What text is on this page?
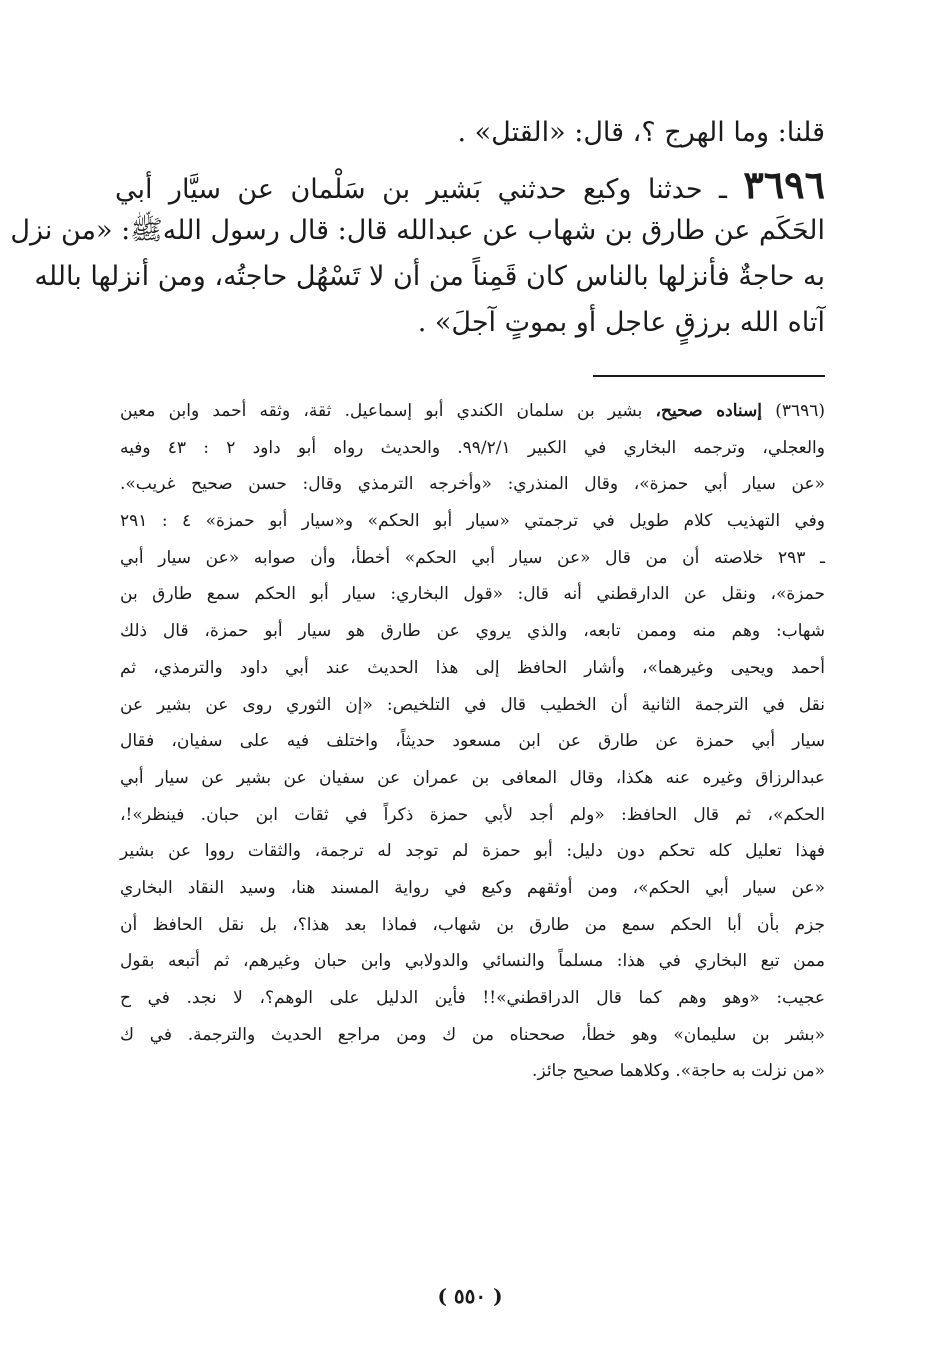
قلنا: وما الهرج ؟، قال: «القتل» .
٣٦٩٦ ـ حدثنا وكيع حدثني بَشير بن سَلْمان عن سيَّار أبي
الحَكَم عن طارق بن شهاب عن عبدالله قال: قال رسول اللهﷺ: «من نزل
به حاجةٌ فأنزلها بالناس كان قَمِناً من أن لا تَسْهُل حاجتُه، ومن أنزلها بالله
آتاه الله برزقٍ عاجل أو بموتٍ آجلَ» .
(٣٦٩٦) إسناده صحيح، بشير بن سلمان الكندي أبو إسماعيل. ثقة، وثقه أحمد وابن معين
والعجلي، وترجمه البخاري في الكبير ٩٩/٢/١. والحديث رواه أبو داود ٢ : ٤٣ وفيه
«عن سيار أبي حمزة»، وقال المنذري: «وأخرجه الترمذي وقال: حسن صحيح غريب».
وفي التهذيب كلام طويل في ترجمتي «سيار أبو الحكم» و«سيار أبو حمزة» ٤ : ٢٩١
ـ ٢٩٣ خلاصته أن من قال «عن سيار أبي الحكم» أخطأ، وأن صوابه «عن سيار أبي
حمزة»، ونقل عن الدارقطني أنه قال: «قول البخاري: سيار أبو الحكم سمع طارق بن
شهاب: وهم منه وممن تابعه، والذي يروي عن طارق هو سيار أبو حمزة، قال ذلك
أحمد ويحيى وغيرهما»، وأشار الحافظ إلى هذا الحديث عند أبي داود والترمذي، ثم
نقل في الترجمة الثانية أن الخطيب قال في التلخيص: «إن الثوري روى عن بشير عن
سيار أبي حمزة عن طارق عن ابن مسعود حديثاً، واختلف فيه على سفيان، فقال
عبدالرزاق وغيره عنه هكذا، وقال المعافى بن عمران عن سفيان عن بشير عن سيار أبي
الحكم»، ثم قال الحافظ: «ولم أجد لأبي حمزة ذكراً في ثقات ابن حبان. فينظر»!،
فهذا تعليل كله تحكم دون دليل: أبو حمزة لم توجد له ترجمة، والثقات رووا عن بشير
«عن سيار أبي الحكم»، ومن أوثقهم وكيع في رواية المسند هنا، وسيد النقاد البخاري
جزم بأن أبا الحكم سمع من طارق بن شهاب، فماذا بعد هذا؟، بل نقل الحافظ أن
ممن تبع البخاري في هذا: مسلماً والنسائي والدولابي وابن حبان وغيرهم، ثم أتبعه بقول
عجيب: «وهو وهم كما قال الدراقطني»!! فأين الدليل على الوهم؟، لا نجد. في ح
«بشر بن سليمان» وهو خطأ، صححناه من ك ومن مراجع الحديث والترجمة. في ك
«من نزلت به حاجة». وكلاهما صحيح جائز.
( ٥٥٠ )
